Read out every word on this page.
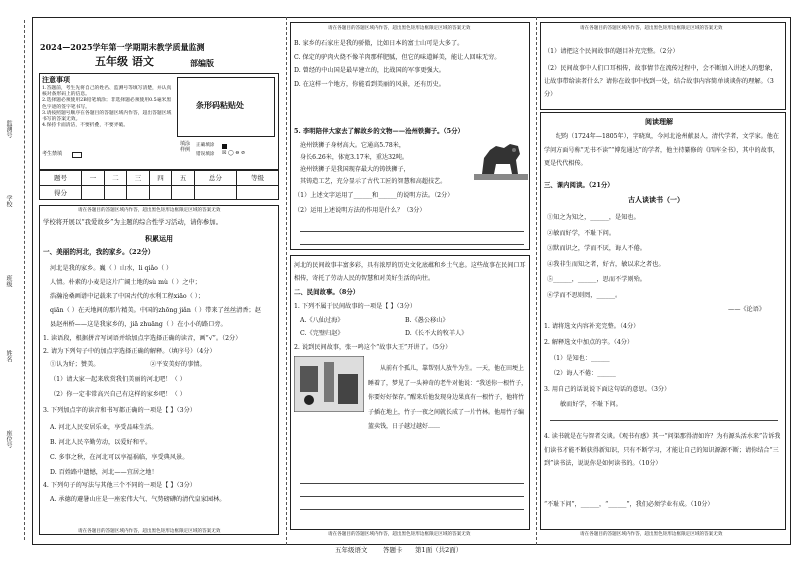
监测号
学校
班级
姓名
座位号
2024—2025学年第一学期期末教学质量监测
五年级 语文	部编版
注意事项
1.答题前，考生先将自己的姓名、监测号等填写清楚，并认真核对条形码上的信息。
2.选择题必须使用2B铅笔填涂；非选择题必须使用0.5毫米黑色字迹的签字笔书写。
3.请按照题号顺序在各题目的答题区域内作答，超出答题区域书写的答案无效。
4.保持卡面清洁，不要折叠，不要弄破。
考生禁填
条形码粘贴处
填涂样例
正确填涂
错误填涂 ☒ ◯ ⊖ ⊘
题号	一	二	三	四	五	总分	等级
得分							
请在各题目的答题区域内作答，超出黑色矩形边框限定区域的答案无效
学校将开展以“我爱故乡”为主题的综合性学习活动，请你参加。
积累运用
一、美丽的河北，我的家乡。（22分）
河北是我的家乡。巍（ ）山水，li qiǎo（ ）
人情。朴素的小麦是这片广阔土地的sù mù（ ）之中；
浩瀚沧桑画谱中记载来了中国古代的水利工程xiāo（ ）；
qiān（ ）在天地间的那片精美。中国的zhōng jiǎn（ ）带来了丝丝清香；赵
县赵州桥——这是我家乡的，jiā zhuāng（ ）在小小的路口旁。
1. 读语段，根据拼音写词语并给加点字选择正确的读音，画“√”。（2分）
2. 请为下列句子中的加点字选择正确的解释。（填序号）（4分）
①认为好；赞美。	②平安美好的事情。
（1）请大家一起来欣赏我们美丽的河北吧！（ ）
（2）你一定非常高兴自己有这样的家乡吧！（ ）
3. 下列加点字的读音和书写都正确的一项是【 】（3分）
A. 河北人民安居乐业，享受品味生活。
B. 河北人民辛勤劳动，以爱好和平。
C. 多事之秋，在河北可以享福祸临，享受典风景。
D. 百姓路中遗憾，河北——宜居之地！
4. 下列句子的写法与其他三个不同的一项是【 】（3分）
A. 承德的避暑山庄是一座宏伟大气、气势磅礴的清代皇家园林。
请在各题目的答题区域内作答，超出黑色矩形边框限定区域的答案无效
请在各题目的答题区域内作答，超出黑色矩形边框限定区域的答案无效
B. 家乡的石家庄是我的骄傲，比如日本的富士山可是大多了。
C. 保定的驴肉火烧不像羊肉那样肥腻，但它的味道鲜美，能让人回味无穷。
D. 曾经的中山国是最早建立的，比战国的军事更强大。
D. 在这样一个地方，你能看到美丽的风景，还有历史。
5. 李明陪伴大家去了解故乡的文物——沧州铁狮子。（5分）
沧州铁狮子身材高大。它通高5.78米，
身长6.26米，体宽3.17米，重达32吨。
沧州铁狮子是我国现存最大的铸铁狮子，
其铸造工艺，充分显示了古代工匠的智慧和高超技艺。
（1）上述文字运用了______和______的说明方法。（2分）
（2）运用上述说明方法的作用是什么？（3分）
河北的民间故事丰富多彩，具有浓厚的历史文化底蕴和乡土气息。这些故事在民间口耳相传，寄托了劳动人民的智慧和对美好生活的向往。
二、民间故事。（8分）
1. 下列不属于民间故事的一项是【 】（3分）
A.《八仙过海》	B.《愚公移山》
C.《完璧归赵》	D.《长不大的牧羊人》
2. 说到民间故事，张一鸣这个“故事大王”开讲了。（5分）
从前有个孤儿，靠帮别人放牛为生。一天，他在田埂上睡着了，梦见了一头神奇的老牛对他说：“我送你一根竹子，你要好好保存。”醒来后他发现身边果真有一根竹子，他将竹子插在地上，竹子一夜之间就长成了一片竹林。他用竹子编篮卖钱，日子越过越好……
请在各题目的答题区域内作答，超出黑色矩形边框限定区域的答案无效
请在各题目的答题区域内作答，超出黑色矩形边框限定区域的答案无效
（1）请把这个民间故事的题目补充完整。（2分）
（2）民间故事中人们口耳相传，故事情节在流传过程中，会不断加入讲述人的想象，让故事带给读者什么？请你在故事中找到一处，结合故事内容简单谈谈你的理解。（3分）
阅读理解
纪昀（1724年—1805年），字晓岚，今河北沧州献县人，清代学者，文学家。他在学问方面号称“无书不读”“博览通达”的学者，他主持纂修的《四库全书》，其中的故事，更是代代相传。
三、课内阅读。（21分）
古人谈读书（一）
①知之为知之，______，是知也。
②敏而好学，不耻下问。
③默而识之，学而不厌，诲人不倦。
④我非生而知之者，好古，敏以求之者也。
⑤______，______，思而不学则殆。
⑥学而不思则罔，______。
——《论语》
1. 请将选文内容补充完整。（4分）
2. 解释选文中加点的字。（4分）
（1）是知也：______
（2）诲人不倦：______
3. 用自己的话说说下面这句话的意思。（3分）
敏而好学，不耻下问。
4. 读书就是在与智者交谈。《观书有感》其一“问渠那得清如许？为有源头活水来”告诉我们读书才能不断获得新知识，只有不断学习，才能让自己的知识源源不断；请你结合“三到”读书法，说说你是如何读书的。（10分）
“不耻下问”，______，“______”，我们必须学业有成。（10分）
请在各题目的答题区域内作答，超出黑色矩形边框限定区域的答案无效
五年级语文 答题卡 第1面（共2面）
